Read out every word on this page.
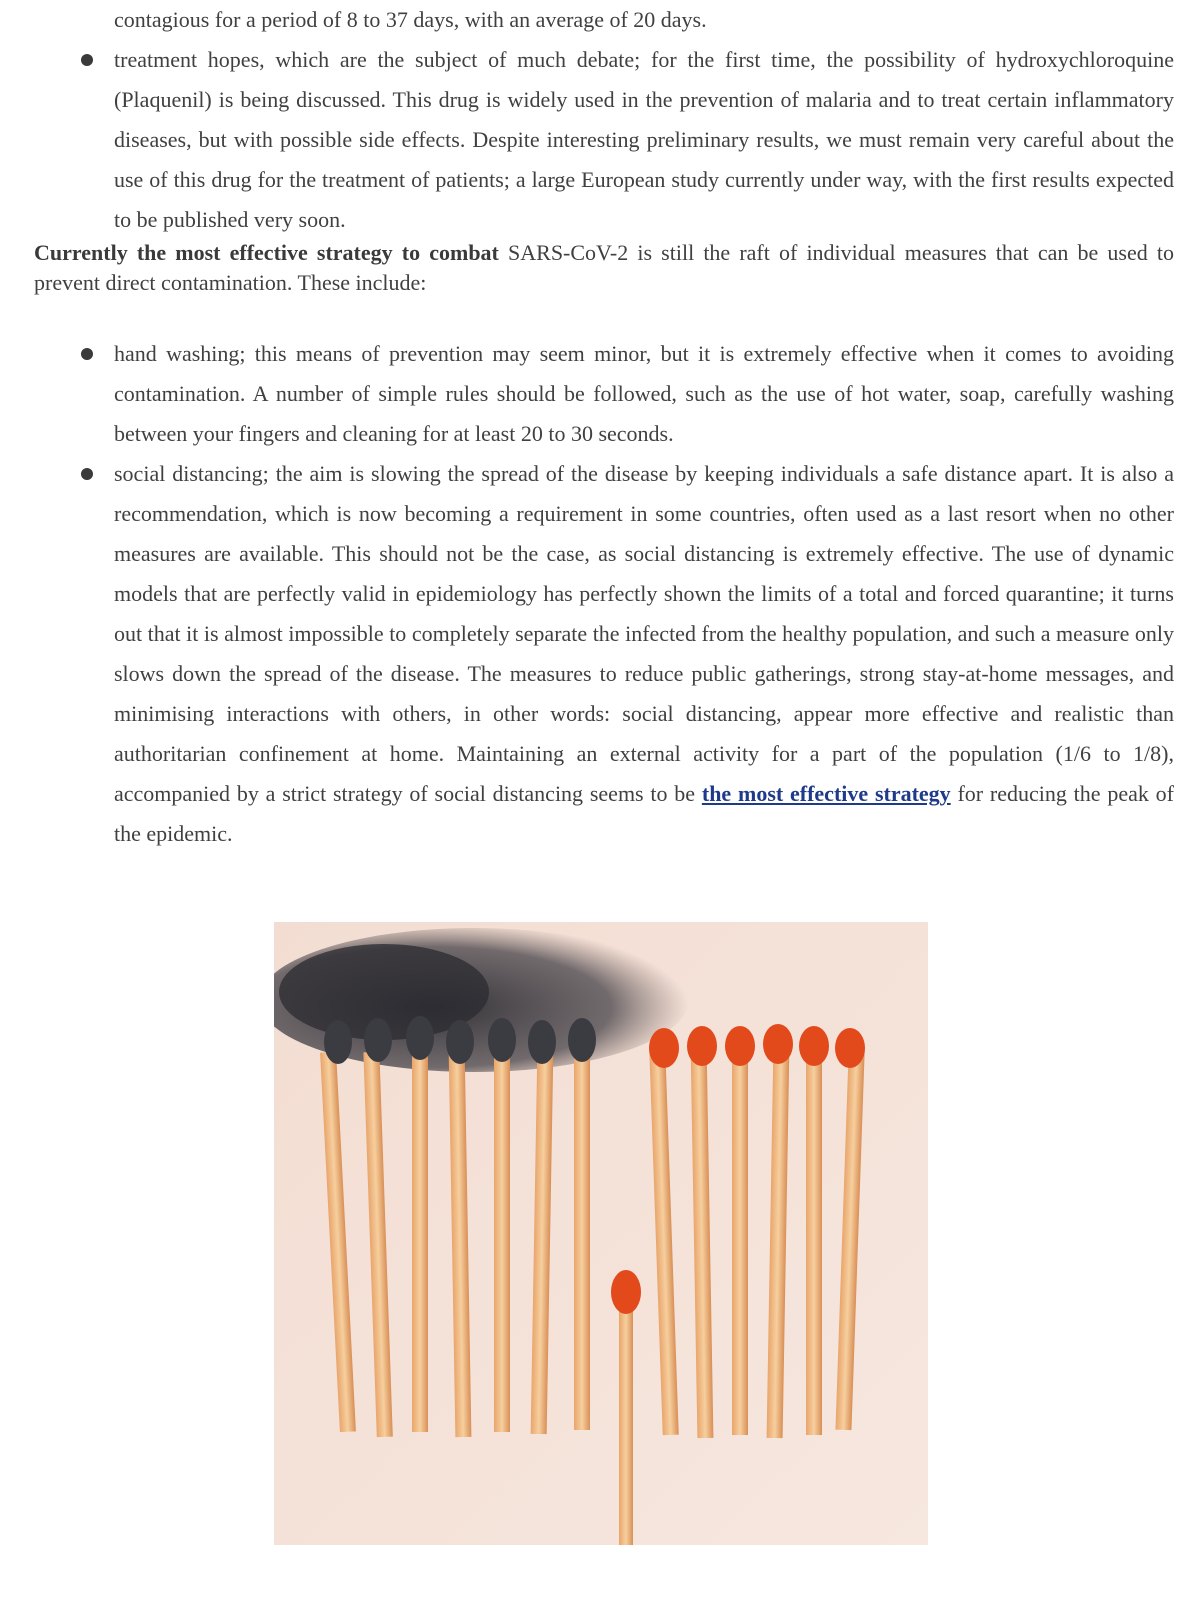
contagious for a period of 8 to 37 days, with an average of 20 days.
treatment hopes, which are the subject of much debate; for the first time, the possibility of hydroxychloroquine (Plaquenil) is being discussed. This drug is widely used in the prevention of malaria and to treat certain inflammatory diseases, but with possible side effects. Despite interesting preliminary results, we must remain very careful about the use of this drug for the treatment of patients; a large European study currently under way, with the first results expected to be published very soon.

Currently the most effective strategy to combat SARS-CoV-2 is still the raft of individual measures that can be used to prevent direct contamination. These include:

hand washing; this means of prevention may seem minor, but it is extremely effective when it comes to avoiding contamination. A number of simple rules should be followed, such as the use of hot water, soap, carefully washing between your fingers and cleaning for at least 20 to 30 seconds.
social distancing; the aim is slowing the spread of the disease by keeping individuals a safe distance apart. It is also a recommendation, which is now becoming a requirement in some countries, often used as a last resort when no other measures are available. This should not be the case, as social distancing is extremely effective. The use of dynamic models that are perfectly valid in epidemiology has perfectly shown the limits of a total and forced quarantine; it turns out that it is almost impossible to completely separate the infected from the healthy population, and such a measure only slows down the spread of the disease. The measures to reduce public gatherings, strong stay-at-home messages, and minimising interactions with others, in other words: social distancing, appear more effective and realistic than authoritarian confinement at home. Maintaining an external activity for a part of the population (1/6 to 1/8), accompanied by a strict strategy of social distancing seems to be the most effective strategy for reducing the peak of the epidemic.
